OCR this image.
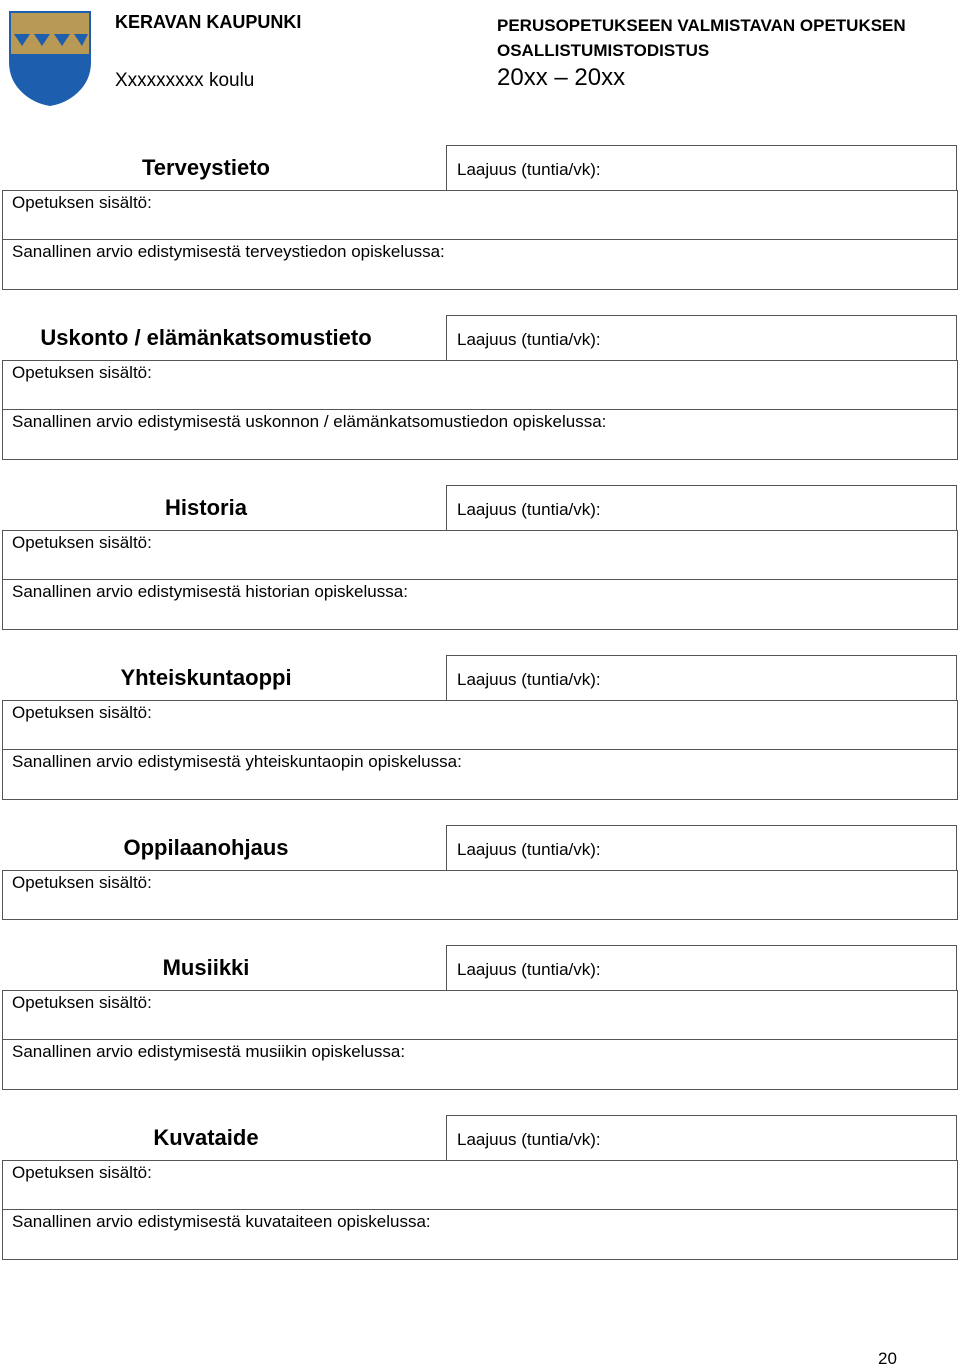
KERAVAN KAUPUNKI
Xxxxxxxxx koulu
PERUSOPETUKSEEN VALMISTAVAN OPETUKSEN
OSALLISTUMISTODISTUS
20xx – 20xx
Terveystieto	Laajuus (tuntia/vk):
Opetuksen sisältö:
Sanallinen arvio edistymisestä terveystiedon opiskelussa:
Uskonto / elämänkatsomustieto	Laajuus (tuntia/vk):
Opetuksen sisältö:
Sanallinen arvio edistymisestä uskonnon / elämänkatsomustiedon opiskelussa:
Historia	Laajuus (tuntia/vk):
Opetuksen sisältö:
Sanallinen arvio edistymisestä historian opiskelussa:
Yhteiskuntaoppi	Laajuus (tuntia/vk):
Opetuksen sisältö:
Sanallinen arvio edistymisestä yhteiskuntaopin opiskelussa:
Oppilaanohjaus	Laajuus (tuntia/vk):
Opetuksen sisältö:
Musiikki	Laajuus (tuntia/vk):
Opetuksen sisältö:
Sanallinen arvio edistymisestä musiikin opiskelussa:
Kuvataide	Laajuus (tuntia/vk):
Opetuksen sisältö:
Sanallinen arvio edistymisestä kuvataiteen opiskelussa:
20
